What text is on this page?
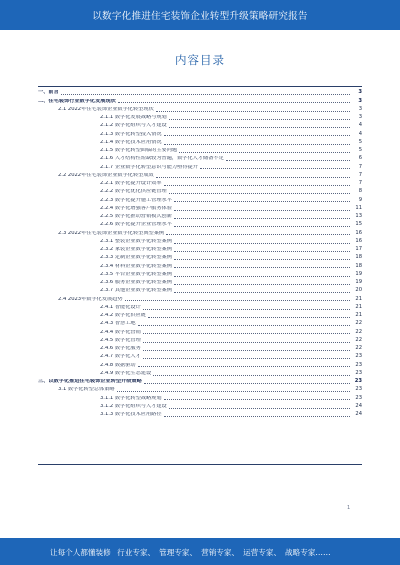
以数字化推进住宅装饰企业转型升级策略研究报告
内容目录
一、前言	3
二、住宅装饰行业数字化发展现状	3
2.1 2022年住宅装饰企业数字化转型现状	3
2.1.1 数字化发展战略与规划	3
2.1.2 数字化组织与人才建设	4
2.1.3 数字化转型投入情况	4
2.1.4 数字化技术应用情况	5
2.1.5 数字化转型面临的主要问题	5
2.1.6 人才结构性短缺较为普遍，数字化人才储备不足	6
2.1.7 企业数字化转型意识与能力亟待提升	7
2.2 2022年住宅装饰企业数字化转型成效	7
2.2.1 数字化提升设计效率	7
2.2.2 数字化优化供应链管理	8
2.2.3 数字化提升施工管理水平	9
2.2.4 数字化增强客户服务体验	11
2.2.5 数字化推动营销模式创新	13
2.2.6 数字化提升企业管理水平	15
2.3 2022年住宅装饰企业数字化转型典型案例	16
2.3.1 整装企业数字化转型案例	16
2.3.2 家装企业数字化转型案例	17
2.3.3 定制企业数字化转型案例	18
2.3.4 材料企业数字化转型案例	18
2.3.5 平台企业数字化转型案例	19
2.3.6 服务企业数字化转型案例	19
2.3.7 其他企业数字化转型案例	20
2.4 2023年数字化发展趋势	21
2.4.1 智能化设计	21
2.4.2 数字化供应链	21
2.4.3 智慧工地	22
2.4.4 数字化营销	22
2.4.5 数字化管理	22
2.4.6 数字化服务	22
2.4.7 数字化人才	23
2.4.8 数据驱动	23
2.4.9 数字化生态建设	23
三、以数字化推进住宅装饰企业转型升级策略	23
3.1 数字化转型总体策略	23
3.1.1 数字化转型战略规划	23
3.1.2 数字化组织与人才建设	24
3.1.3 数字化技术应用路径	24
1
让每个人都懂装修 行业专家、 管理专家、 营销专家、 运营专家、 战略专家……
